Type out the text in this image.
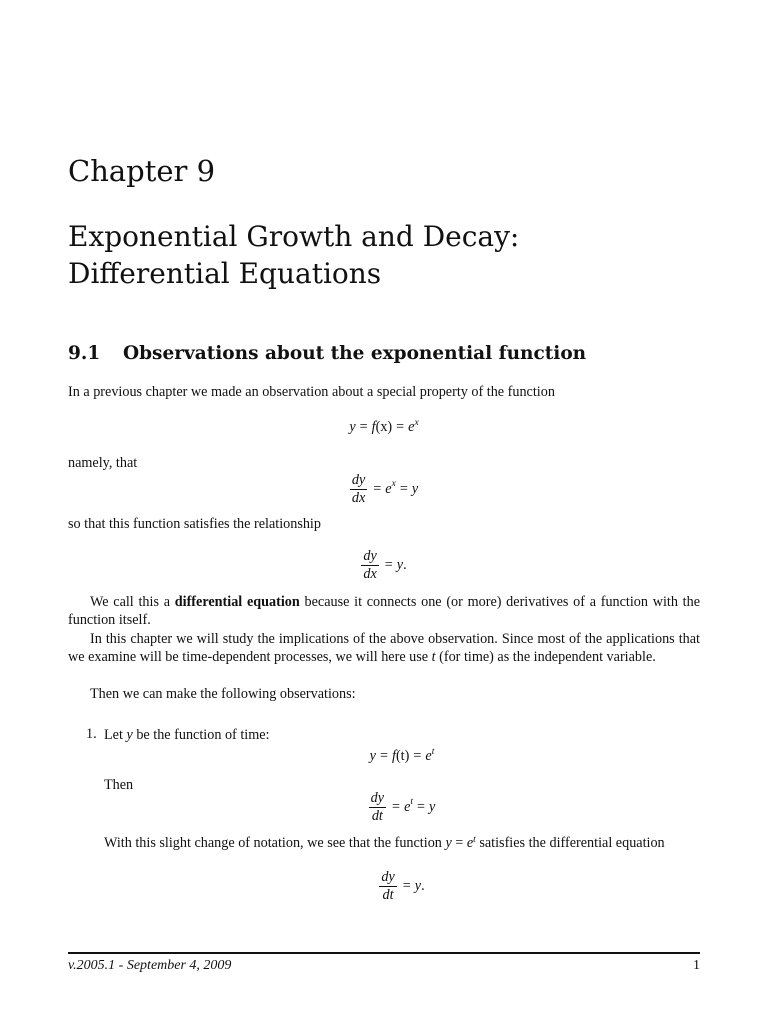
Chapter 9
Exponential Growth and Decay:
Differential Equations
9.1 Observations about the exponential function
In a previous chapter we made an observation about a special property of the function
$y = f(x) = e^x$
namely, that
$\frac{dy}{dx} = e$ x = y
so that this function satisfies the relationship
$\frac{dy}{dx} = y$ .
We call this a differential equation because it connects one (or more) derivatives of a function with the function itself.
In this chapter we will study the implications of the above observation. Since most of the applications that we examine will be time-dependent processes, we will here use t (for time) as the independent variable.
Then we can make the following observations:
1. Let y be the function of time:
$y = f(t) = e^t$
Then
$\frac{dy}{dt} = e$ t = y
With this slight change of notation, we see that the function $y = e^t$ satisfies the differential equation
$\frac{dy}{dt} = y$ .
v.2005.1 - September 4, 2009	1
